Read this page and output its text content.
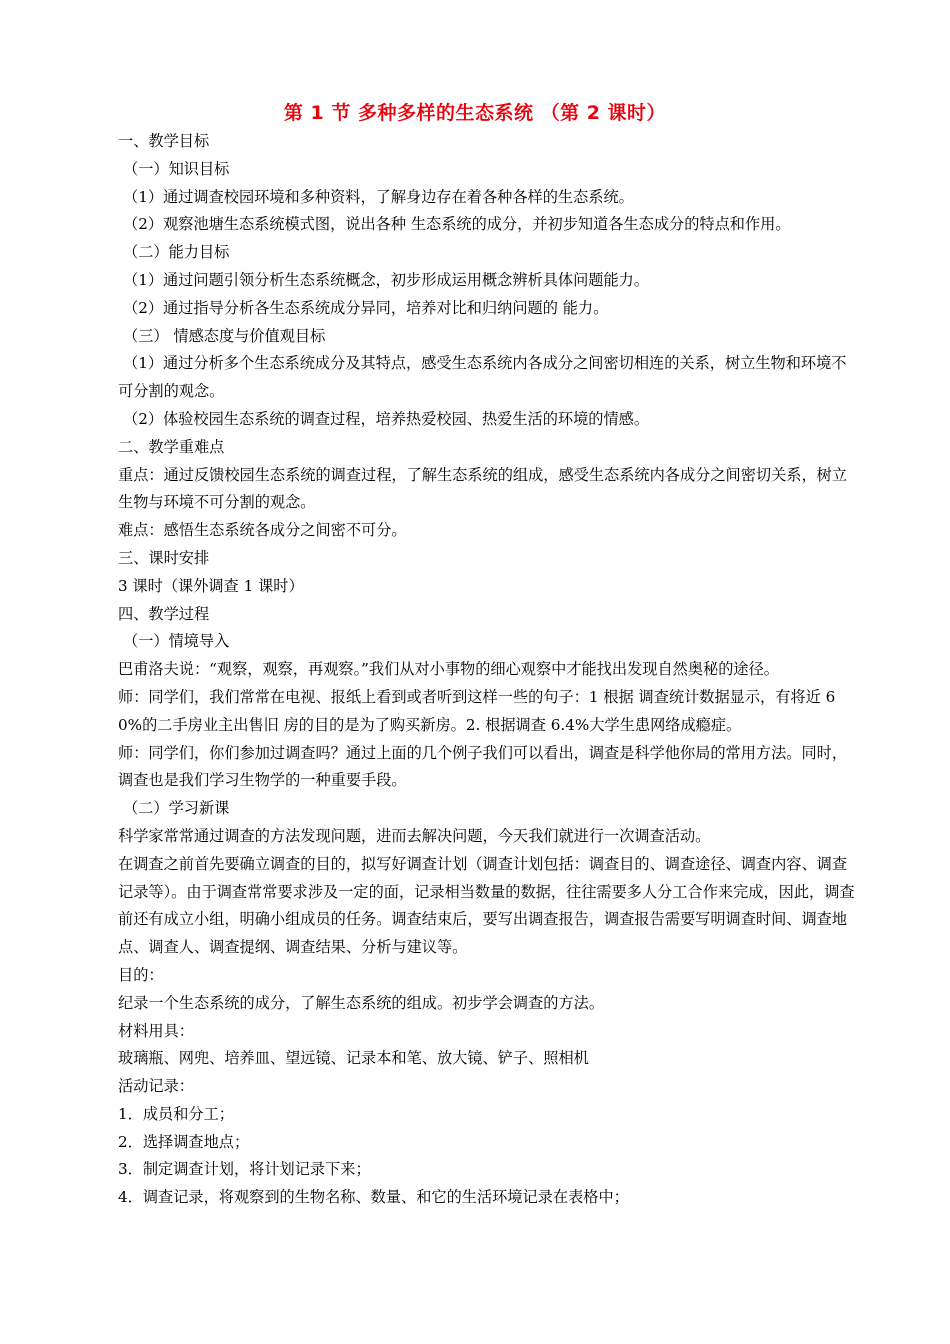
第 1 节 多种多样的生态系统 （第 2 课时）

一、教学目标

（一）知识目标

（1）通过调查校园环境和多种资料，了解身边存在着各种各样的生态系统。

（2）观察池塘生态系统模式图，说出各种 生态系统的成分，并初步知道各生态成分的特点和作用。

（二）能力目标

（1）通过问题引领分析生态系统概念，初步形成运用概念辨析具体问题能力。

（2）通过指导分析各生态系统成分异同，培养对比和归纳问题的 能力。

（三） 情感态度与价值观目标

（1）通过分析多个生态系统成分及其特点，感受生态系统内各成分之间密切相连的关系，树立生物和环境不可分割的观念。

（2）体验校园生态系统的调查过程，培养热爱校园、热爱生活的环境的情感。

二、教学重难点

重点：通过反馈校园生态系统的调查过程，了解生态系统的组成，感受生态系统内各成分之间密切关系，树立生物与环境不可分割的观念。

难点：感悟生态系统各成分之间密不可分。

三、课时安排

3 课时（课外调查 1 课时）

四、教学过程

（一）情境导入

巴甫洛夫说：“观察，观察，再观察。”我们从对小事物的细心观察中才能找出发现自然奥秘的途径。

师：同学们，我们常常在电视、报纸上看到或者听到这样一些的句子：1 根据 调查统计数据显示，有将近 60%的二手房业主出售旧 房的目的是为了购买新房。2. 根据调查 6.4%大学生患网络成瘾症。

师：同学们，你们参加过调查吗？通过上面的几个例子我们可以看出，调查是科学他你局的常用方法。同时，调查也是我们学习生物学的一种重要手段。

（二）学习新课

科学家常常通过调查的方法发现问题，进而去解决问题，今天我们就进行一次调查活动。

在调查之前首先要确立调查的目的，拟写好调查计划（调查计划包括：调查目的、调查途径、调查内容、调查记录等）。由于调查常常要求涉及一定的面，记录相当数量的数据，往往需要多人分工合作来完成，因此，调查前还有成立小组，明确小组成员的任务。调查结束后，要写出调查报告，调查报告需要写明调查时间、调查地点、调查人、调查提纲、调查结果、分析与建议等。

目的：

纪录一个生态系统的成分，了解生态系统的组成。初步学会调查的方法。

材料用具：

玻璃瓶、网兜、培养皿、望远镜、记录本和笔、放大镜、铲子、照相机

活动记录：

1．成员和分工；

2．选择调查地点；

3．制定调查计划，将计划记录下来；

4．调查记录，将观察到的生物名称、数量、和它的生活环境记录在表格中；
